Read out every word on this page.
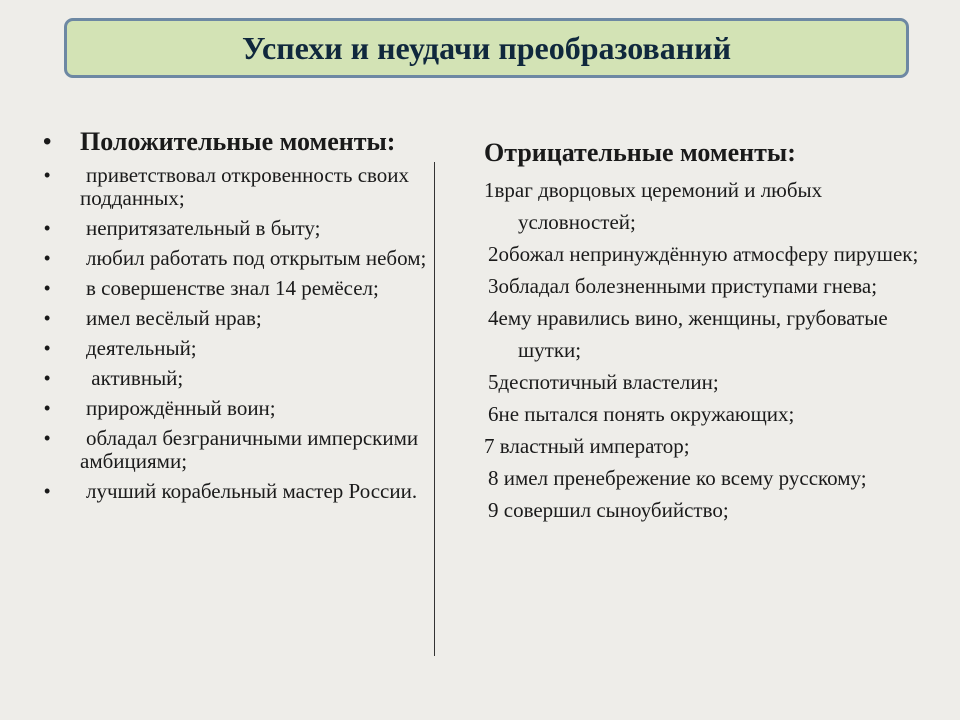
Успехи и неудачи преобразований
•	Положительные моменты:
•	приветствовал откровенность своих подданных;
•	непритязательный в быту;
•	любил работать под открытым небом;
•	в совершенстве знал 14 ремёсел;
•	имел весёлый нрав;
•	деятельный;
•	активный;
•	прирождённый воин;
•	обладал безграничными имперскими амбициями;
•	лучший корабельный мастер России.
Отрицательные моменты:
1враг дворцовых церемоний и любых условностей;
2обожал непринуждённую атмосферу пирушек;
3обладал болезненными приступами гнева;
4ему нравились вино, женщины, грубоватые шутки;
5деспотичный властелин;
6не пытался понять окружающих;
7 властный император;
8 имел пренебрежение ко всему русскому;
9 совершил сыноубийство;
